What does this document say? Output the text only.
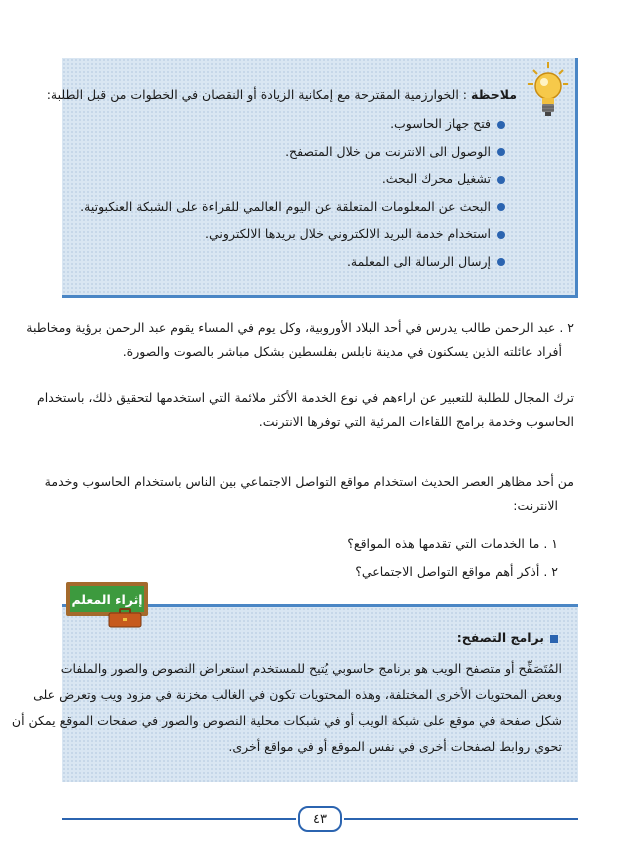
ملاحظة : الخوارزمية المقترحة مع إمكانية الزيادة أو النقصان في الخطوات من قبل الطلبة:
فتح جهاز الحاسوب.
الوصول الى الانترنت من خلال المتصفح.
تشغيل محرك البحث.
البحث عن المعلومات المتعلقة عن اليوم العالمي للقراءة على الشبكة العنكبوتية.
استخدام خدمة البريد الالكتروني خلال بريدها الالكتروني.
إرسال الرسالة الى المعلمة.
٢ . عبد الرحمن طالب يدرس في أحد البلاد الأوروبية، وكل يوم في المساء يقوم عبد الرحمن برؤية ومخاطبة
أفراد عائلته الذين يسكنون في مدينة نابلس بفلسطين بشكل مباشر بالصوت والصورة.
ترك المجال للطلبة للتعبير عن اراءهم في نوع الخدمة الأكثر ملائمة التي استخدمها لتحقيق ذلك، باستخدام
الحاسوب وخدمة برامج اللقاءات المرئية التي توفرها الانترنت.
من أحد مظاهر العصر الحديث استخدام مواقع التواصل الاجتماعي بين الناس باستخدام الحاسوب وخدمة
الانترنت:
١ . ما الخدمات التي تقدمها هذه المواقع؟
٢ . أذكر أهم مواقع التواصل الاجتماعي؟
إثراء المعلم
برامج التصفح:
المُتَصَفِّح أو متصفح الويب هو برنامج حاسوبي يُتيح للمستخدم استعراض النصوص والصور والملفات
وبعض المحتويات الأخرى المختلفة، وهذه المحتويات تكون في الغالب مخزنة في مزود ويب وتعرض على
شكل صفحة في موقع على شبكة الويب أو في شبكات محلية النصوص والصور في صفحات الموقع يمكن أن
تحوي روابط لصفحات أخرى في نفس الموقع أو في مواقع أخرى.
٤٣
